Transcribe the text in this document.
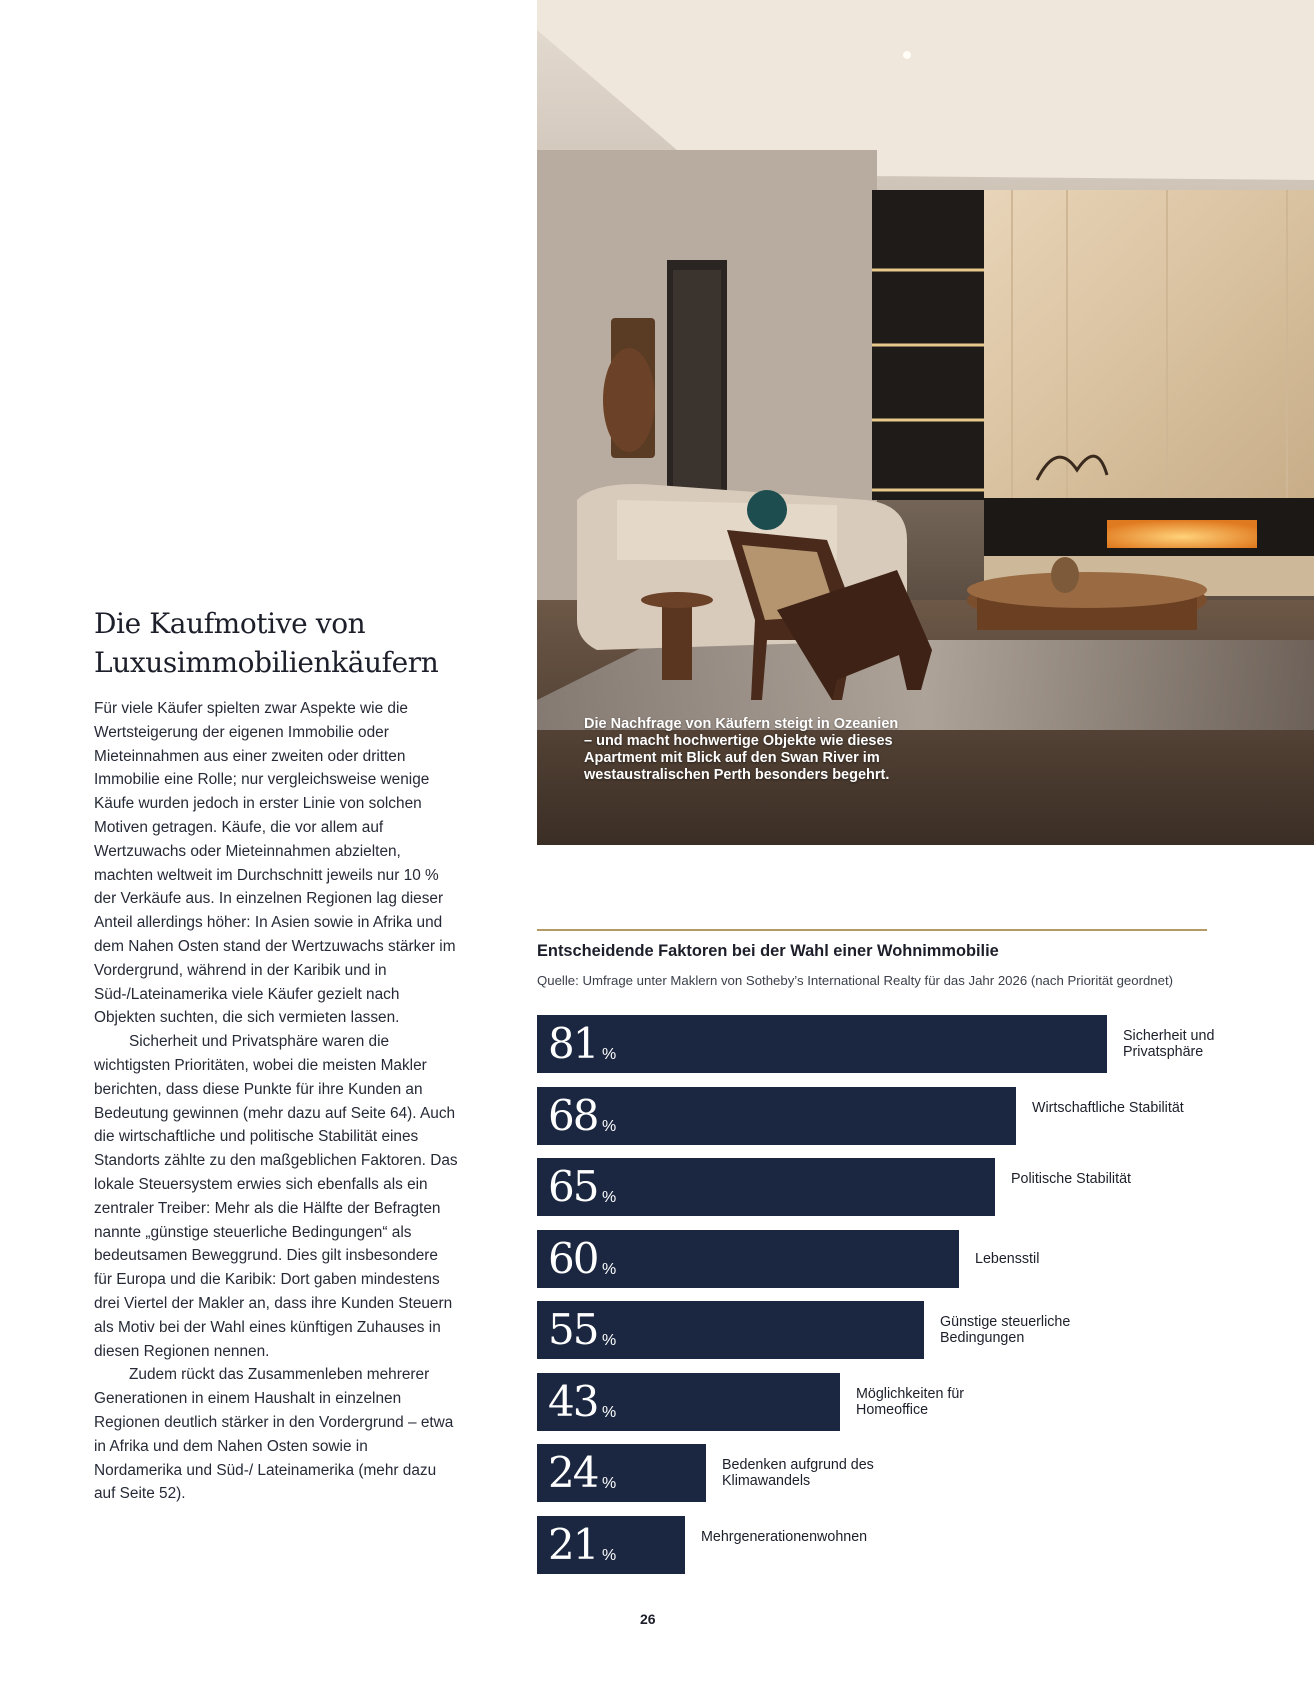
Die Nachfrage von Käufern steigt in Ozeanien – und macht hochwertige Objekte wie dieses Apartment mit Blick auf den Swan River im westaustralischen Perth besonders begehrt.
Die Kaufmotive von Luxusimmobilienkäufern

Für viele Käufer spielten zwar Aspekte wie die Wertsteigerung der eigenen Immobilie oder Mieteinnahmen aus einer zweiten oder dritten Immobilie eine Rolle; nur vergleichsweise wenige Käufe wurden jedoch in erster Linie von solchen Motiven getragen. Käufe, die vor allem auf Wertzuwachs oder Mieteinnahmen abzielten, machten weltweit im Durchschnitt jeweils nur 10 % der Verkäufe aus. In einzelnen Regionen lag dieser Anteil allerdings höher: In Asien sowie in Afrika und dem Nahen Osten stand der Wertzuwachs stärker im Vordergrund, während in der Karibik und in Süd-/Lateinamerika viele Käufer gezielt nach Objekten suchten, die sich vermieten lassen.

Sicherheit und Privatsphäre waren die wichtigsten Prioritäten, wobei die meisten Makler berichten, dass diese Punkte für ihre Kunden an Bedeutung gewinnen (mehr dazu auf Seite 64). Auch die wirtschaftliche und politische Stabilität eines Standorts zählte zu den maßgeblichen Faktoren. Das lokale Steuersystem erwies sich ebenfalls als ein zentraler Treiber: Mehr als die Hälfte der Befragten nannte „günstige steuerliche Bedingungen“ als bedeutsamen Beweggrund. Dies gilt insbesondere für Europa und die Karibik: Dort gaben mindestens drei Viertel der Makler an, dass ihre Kunden Steuern als Motiv bei der Wahl eines künftigen Zuhauses in diesen Regionen nennen.

Zudem rückt das Zusammenleben mehrerer Generationen in einem Haushalt in einzelnen Regionen deutlich stärker in den Vordergrund – etwa in Afrika und dem Nahen Osten sowie in Nordamerika und Süd-/ Lateinamerika (mehr dazu auf Seite 52).

Entscheidende Faktoren bei der Wahl einer Wohnimmobilie
Quelle: Umfrage unter Maklern von Sotheby’s International Realty für das Jahr 2026 (nach Priorität geordnet)
81 %
Sicherheit und Privatsphäre
68 %
Wirtschaftliche Stabilität
65 %
Politische Stabilität
60 %
Lebensstil
55 %
Günstige steuerliche Bedingungen
43 %
Möglichkeiten für Homeoffice
24 %
Bedenken aufgrund des Klimawandels
21 %
Mehrgenerationenwohnen
26
